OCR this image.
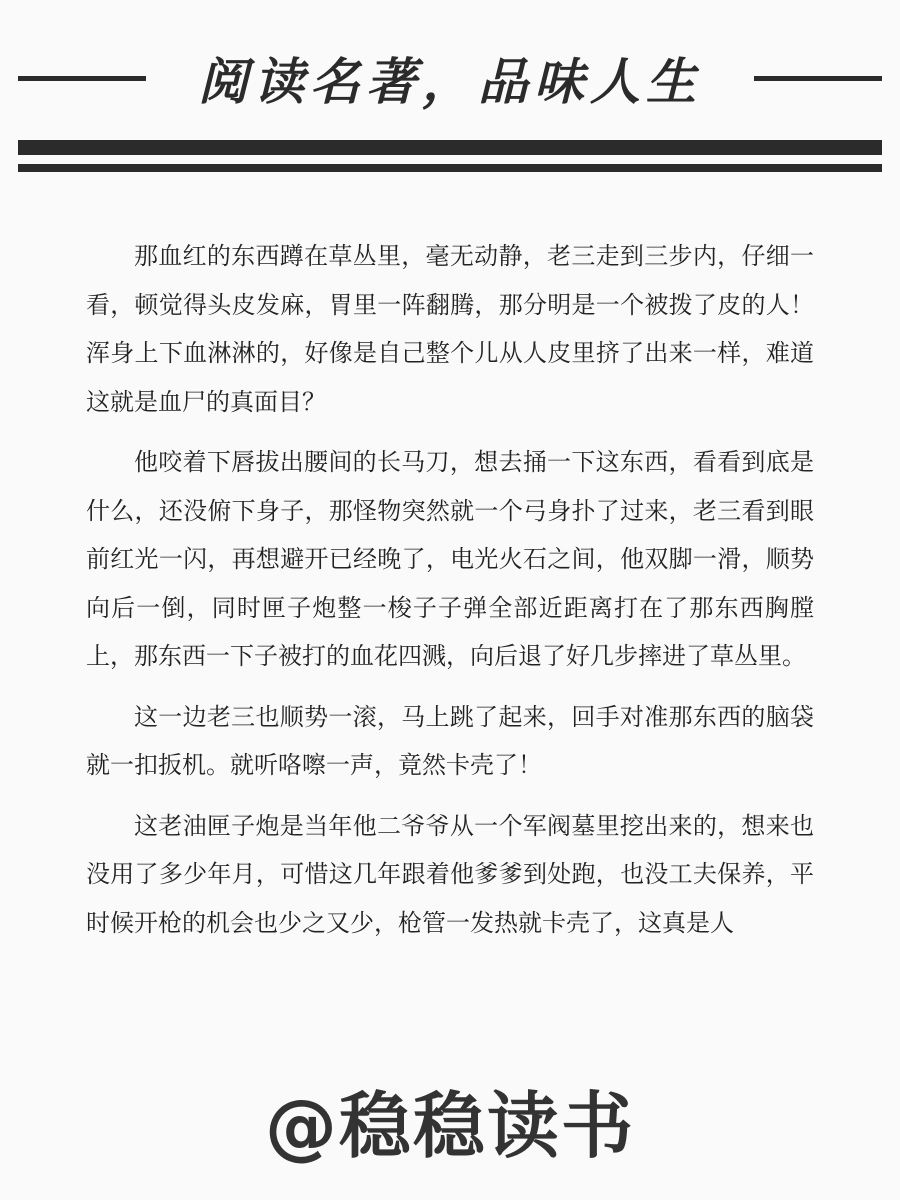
阅读名著，品味人生

那血红的东西蹲在草丛里，毫无动静，老三走到三步内，仔细一看，顿觉得头皮发麻，胃里一阵翻腾，那分明是一个被拨了皮的人！浑身上下血淋淋的，好像是自己整个儿从人皮里挤了出来一样，难道这就是血尸的真面目？

他咬着下唇拔出腰间的长马刀，想去捅一下这东西，看看到底是什么，还没俯下身子，那怪物突然就一个弓身扑了过来，老三看到眼前红光一闪，再想避开已经晚了，电光火石之间，他双脚一滑，顺势向后一倒，同时匣子炮整一梭子子弹全部近距离打在了那东西胸膛上，那东西一下子被打的血花四溅，向后退了好几步摔进了草丛里。

这一边老三也顺势一滚，马上跳了起来，回手对准那东西的脑袋就一扣扳机。就听咯嚓一声，竟然卡壳了！

这老油匣子炮是当年他二爷爷从一个军阀墓里挖出来的，想来也没用了多少年月，可惜这几年跟着他爹爹到处跑，也没工夫保养，平时候开枪的机会也少之又少，枪管一发热就卡壳了，这真是人

@稳稳读书
